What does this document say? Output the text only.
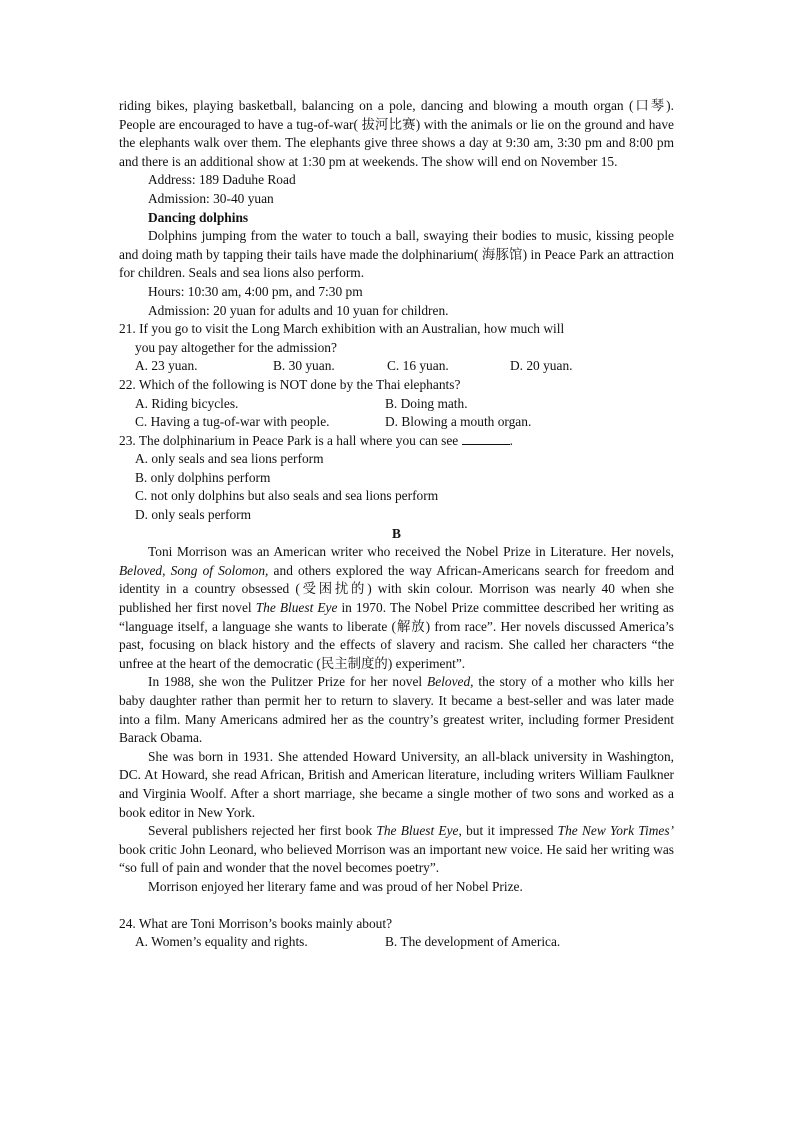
riding bikes, playing basketball, balancing on a pole, dancing and blowing a mouth organ (口琴). People are encouraged to have a tug-of-war( 拔河比赛) with the animals or lie on the ground and have the elephants walk over them. The elephants give three shows a day at 9:30 am, 3:30 pm and 8:00 pm and there is an additional show at 1:30 pm at weekends. The show will end on November 15.

Address: 189 Daduhe Road

Admission: 30-40 yuan

Dancing dolphins

Dolphins jumping from the water to touch a ball, swaying their bodies to music, kissing people and doing math by tapping their tails have made the dolphinarium( 海豚馆) in Peace Park an attraction for children. Seals and sea lions also perform.

Hours: 10:30 am, 4:00 pm, and 7:30 pm

Admission: 20 yuan for adults and 10 yuan for children.

21. If you go to visit the Long March exhibition with an Australian, how much will

you pay altogether for the admission?

A. 23 yuan.	B. 30 yuan.	C. 16 yuan.	D. 20 yuan.

22. Which of the following is NOT done by the Thai elephants?

A. Riding bicycles.	B. Doing math.
C. Having a tug-of-war with people.	D. Blowing a mouth organ.

23. The dolphinarium in Peace Park is a hall where you can see	.

A. only seals and sea lions perform

B. only dolphins perform

C. not only dolphins but also seals and sea lions perform

D. only seals perform

B

Toni Morrison was an American writer who received the Nobel Prize in Literature. Her novels, Beloved, Song of Solomon, and others explored the way African-Americans search for freedom and identity in a country obsessed (受困扰的) with skin colour. Morrison was nearly 40 when she published her first novel The Bluest Eye in 1970. The Nobel Prize committee described her writing as “language itself, a language she wants to liberate (解放) from race”. Her novels discussed America’s past, focusing on black history and the effects of slavery and racism. She called her characters “the unfree at the heart of the democratic (民主制度的) experiment”.

In 1988, she won the Pulitzer Prize for her novel Beloved, the story of a mother who kills her baby daughter rather than permit her to return to slavery. It became a best-seller and was later made into a film. Many Americans admired her as the country’s greatest writer, including former President Barack Obama.

She was born in 1931. She attended Howard University, an all-black university in Washington, DC. At Howard, she read African, British and American literature, including writers William Faulkner and Virginia Woolf. After a short marriage, she became a single mother of two sons and worked as a book editor in New York.

Several publishers rejected her first book The Bluest Eye, but it impressed The New York Times’ book critic John Leonard, who believed Morrison was an important new voice. He said her writing was “so full of pain and wonder that the novel becomes poetry”.

Morrison enjoyed her literary fame and was proud of her Nobel Prize.

24. What are Toni Morrison’s books mainly about?

A. Women’s equality and rights.	B. The development of America.
